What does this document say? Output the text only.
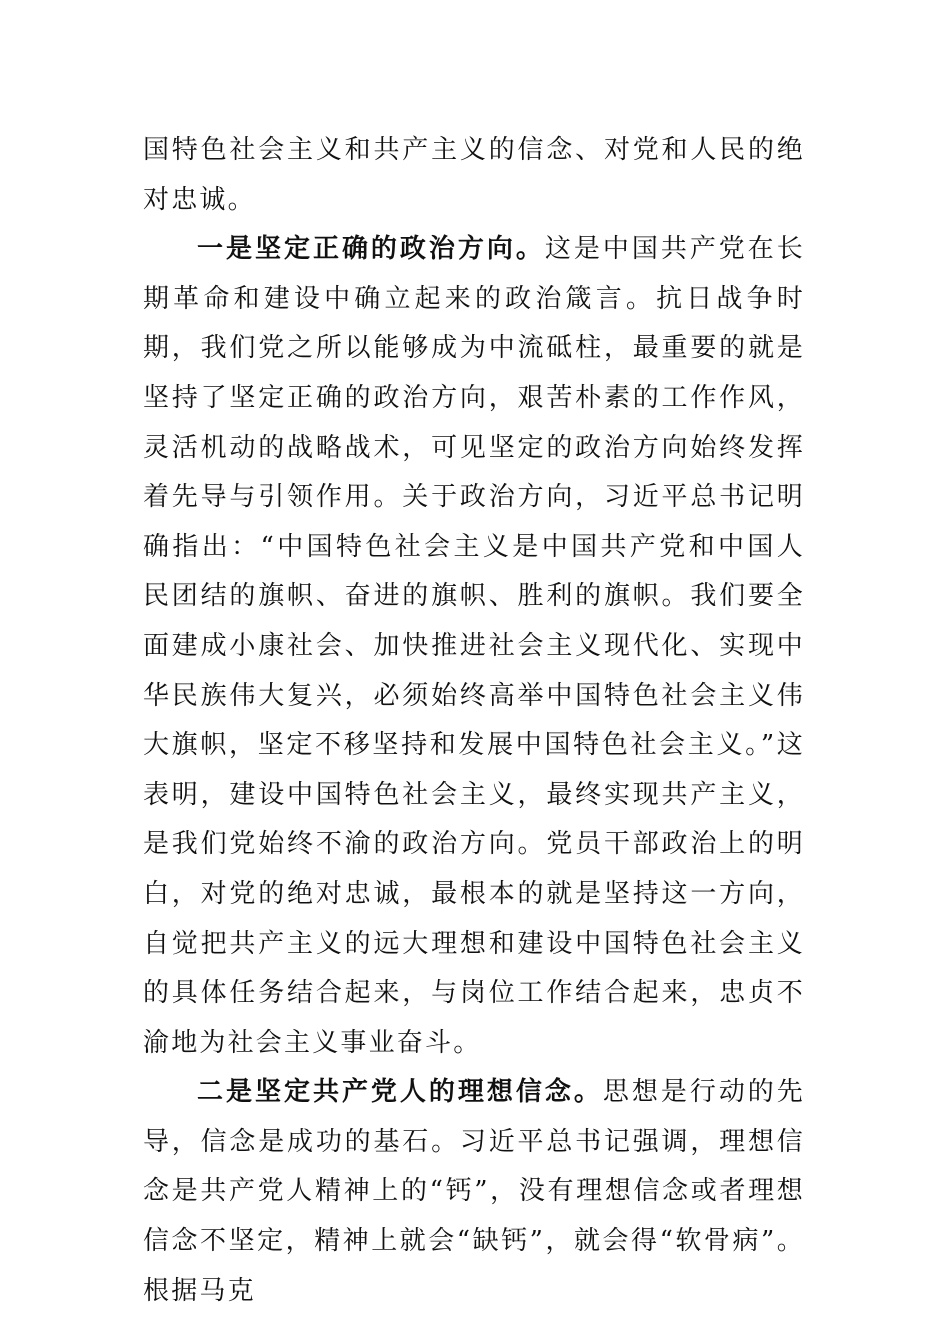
国特色社会主义和共产主义的信念、对党和人民的绝对忠诚。

一是坚定正确的政治方向。这是中国共产党在长期革命和建设中确立起来的政治箴言。抗日战争时期，我们党之所以能够成为中流砥柱，最重要的就是坚持了坚定正确的政治方向，艰苦朴素的工作作风，灵活机动的战略战术，可见坚定的政治方向始终发挥着先导与引领作用。关于政治方向，习近平总书记明确指出：“中国特色社会主义是中国共产党和中国人民团结的旗帜、奋进的旗帜、胜利的旗帜。我们要全面建成小康社会、加快推进社会主义现代化、实现中华民族伟大复兴，必须始终高举中国特色社会主义伟大旗帜，坚定不移坚持和发展中国特色社会主义。”这表明，建设中国特色社会主义，最终实现共产主义，是我们党始终不渝的政治方向。党员干部政治上的明白，对党的绝对忠诚，最根本的就是坚持这一方向，自觉把共产主义的远大理想和建设中国特色社会主义的具体任务结合起来，与岗位工作结合起来，忠贞不渝地为社会主义事业奋斗。

二是坚定共产党人的理想信念。思想是行动的先导，信念是成功的基石。习近平总书记强调，理想信念是共产党人精神上的“钙”，没有理想信念或者理想信念不坚定，精神上就会“缺钙”，就会得“软骨病”。根据马克
